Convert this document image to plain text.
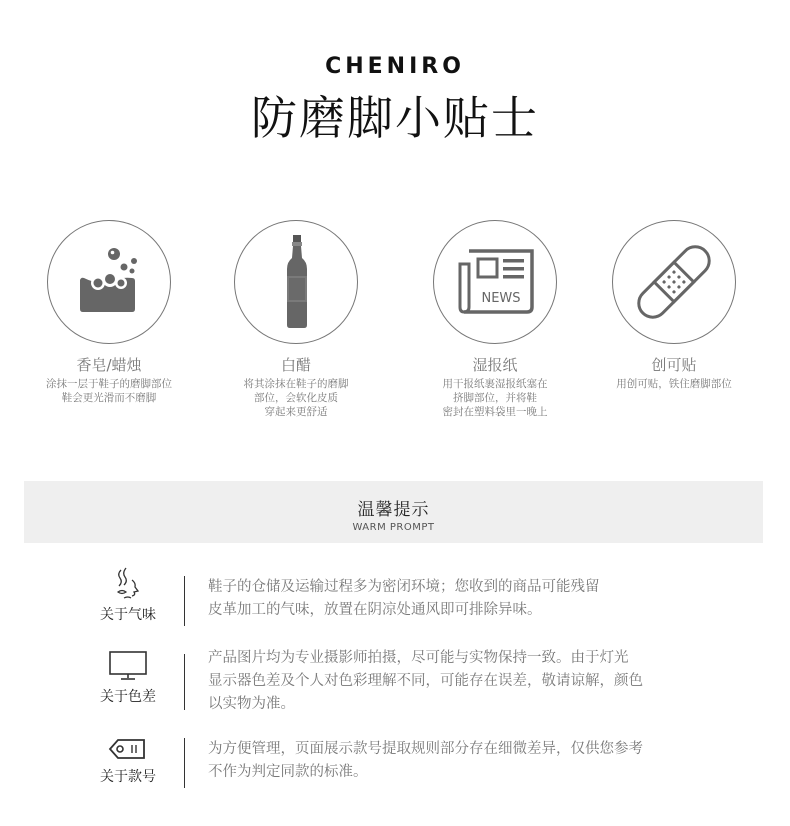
CHENIRO
防磨脚小贴士
香皂/蜡烛
涂抹一层于鞋子的磨脚部位
鞋会更光滑而不磨脚
白醋
将其涂抹在鞋子的磨脚
部位，会软化皮质
穿起来更舒适
NEWS
湿报纸
用干报纸裹湿报纸塞在
挤脚部位，并将鞋
密封在塑料袋里一晚上
创可贴
用创可贴，铁住磨脚部位
温馨提示
WARM PROMPT
关于气味
鞋子的仓储及运输过程多为密闭环境；您收到的商品可能残留
皮革加工的气味，放置在阴凉处通风即可排除异味。
关于色差
产品图片均为专业摄影师拍摄，尽可能与实物保持一致。由于灯光
显示器色差及个人对色彩理解不同，可能存在误差，敬请谅解，颜色
以实物为准。
关于款号
为方便管理，页面展示款号提取规则部分存在细微差异，仅供您参考
不作为判定同款的标准。
